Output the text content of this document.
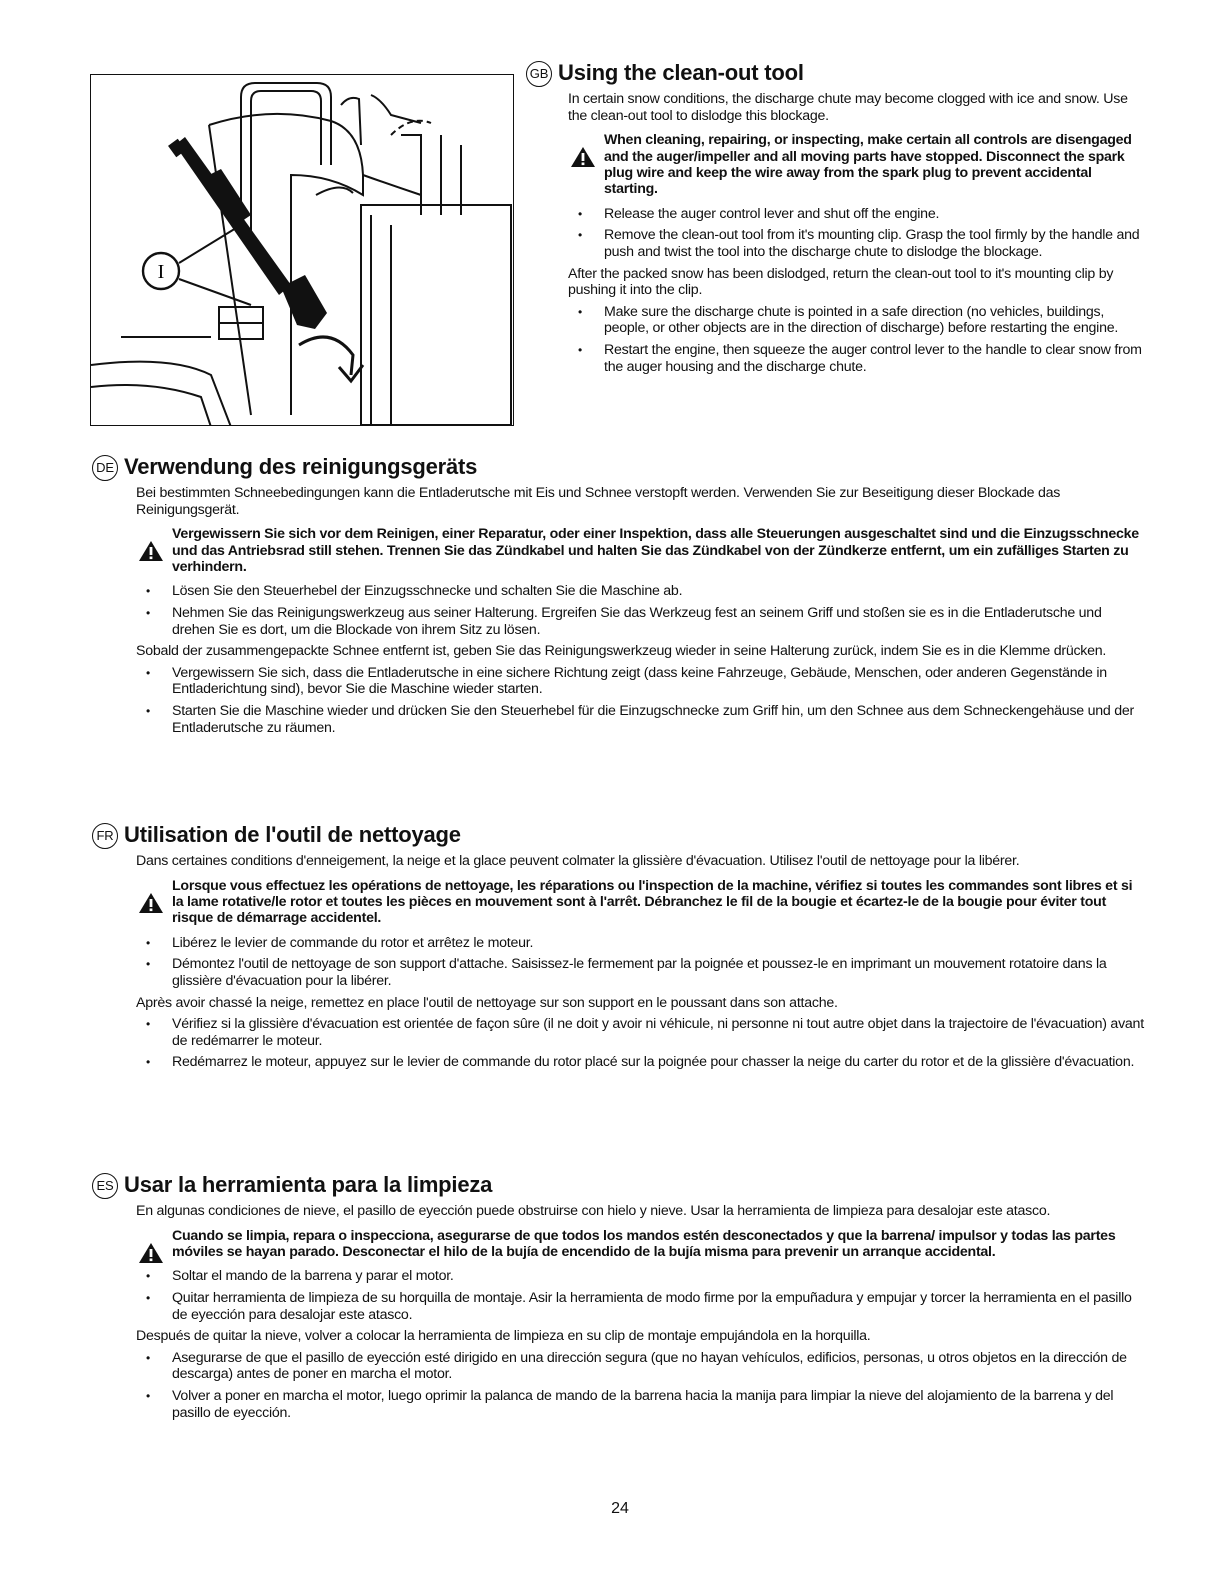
I
GB Using the clean-out tool

In certain snow conditions, the discharge chute may become clogged with ice and snow. Use the clean-out tool to dislodge this blockage.

When cleaning, repairing, or inspecting, make certain all controls are disengaged and the auger/impeller and all moving parts have stopped. Disconnect the spark plug wire and keep the wire away from the spark plug to prevent accidental starting.

• Release the auger control lever and shut off the engine.
• Remove the clean-out tool from it's mounting clip. Grasp the tool firmly by the handle and push and twist the tool into the discharge chute to dislodge the blockage.

After the packed snow has been dislodged, return the clean-out tool to it's mounting clip by pushing it into the clip.

• Make sure the discharge chute is pointed in a safe direction (no vehicles, buildings, people, or other objects are in the direction of discharge) before restarting the engine.
• Restart the engine, then squeeze the auger control lever to the handle to clear snow from the auger housing and the discharge chute.
DE Verwendung des reinigungsgeräts

Bei bestimmten Schneebedingungen kann die Entladerutsche mit Eis und Schnee verstopft werden. Verwenden Sie zur Beseitigung dieser Blockade das Reinigungsgerät.

Vergewissern Sie sich vor dem Reinigen, einer Reparatur, oder einer Inspektion, dass alle Steuerungen ausgeschaltet sind und die Einzugsschnecke und das Antriebsrad still stehen. Trennen Sie das Zündkabel und halten Sie das Zündkabel von der Zündkerze entfernt, um ein zufälliges Starten zu verhindern.

• Lösen Sie den Steuerhebel der Einzugsschnecke und schalten Sie die Maschine ab.
• Nehmen Sie das Reinigungswerkzeug aus seiner Halterung. Ergreifen Sie das Werkzeug fest an seinem Griff und stoßen sie es in die Entladerutsche und drehen Sie es dort, um die Blockade von ihrem Sitz zu lösen.

Sobald der zusammengepackte Schnee entfernt ist, geben Sie das Reinigungswerkzeug wieder in seine Halterung zurück, indem Sie es in die Klemme drücken.

• Vergewissern Sie sich, dass die Entladerutsche in eine sichere Richtung zeigt (dass keine Fahrzeuge, Gebäude, Menschen, oder anderen Gegenstände in Entladerichtung sind), bevor Sie die Maschine wieder starten.
• Starten Sie die Maschine wieder und drücken Sie den Steuerhebel für die Einzugschnecke zum Griff hin, um den Schnee aus dem Schneckengehäuse und der Entladerutsche zu räumen.
FR Utilisation de l'outil de nettoyage

Dans certaines conditions d'enneigement, la neige et la glace peuvent colmater la glissière d'évacuation. Utilisez l'outil de nettoyage pour la libérer.

Lorsque vous effectuez les opérations de nettoyage, les réparations ou l'inspection de la machine, vérifiez si toutes les commandes sont libres et si la lame rotative/le rotor et toutes les pièces en mouvement sont à l'arrêt. Débranchez le fil de la bougie et écartez-le de la bougie pour éviter tout risque de démarrage accidentel.

• Libérez le levier de commande du rotor et arrêtez le moteur.
• Démontez l'outil de nettoyage de son support d'attache. Saisissez-le fermement par la poignée et poussez-le en imprimant un mouvement rotatoire dans la glissière d'évacuation pour la libérer.

Après avoir chassé la neige, remettez en place l'outil de nettoyage sur son support en le poussant dans son attache.

• Vérifiez si la glissière d'évacuation est orientée de façon sûre (il ne doit y avoir ni véhicule, ni personne ni tout autre objet dans la trajectoire de l'évacuation) avant de redémarrer le moteur.
• Redémarrez le moteur, appuyez sur le levier de commande du rotor placé sur la poignée pour chasser la neige du carter du rotor et de la glissière d'évacuation.
ES Usar la herramienta para la limpieza

En algunas condiciones de nieve, el pasillo de eyección puede obstruirse con hielo y nieve. Usar la herramienta de limpieza para desalojar este atasco.

Cuando se limpia, repara o inspecciona, asegurarse de que todos los mandos estén desconectados y que la barrena/ impulsor y todas las partes móviles se hayan parado. Desconectar el hilo de la bujía de encendido de la bujía misma para prevenir un arranque accidental.

• Soltar el mando de la barrena y parar el motor.
• Quitar herramienta de limpieza de su horquilla de montaje. Asir la herramienta de modo firme por la empuñadura y empujar y torcer la herramienta en el pasillo de eyección para desalojar este atasco.

Después de quitar la nieve, volver a colocar la herramienta de limpieza en su clip de montaje empujándola en la horquilla.

• Asegurarse de que el pasillo de eyección esté dirigido en una dirección segura (que no hayan vehículos, edificios, personas, u otros objetos en la dirección de descarga) antes de poner en marcha el motor.
• Volver a poner en marcha el motor, luego oprimir la palanca de mando de la barrena hacia la manija para limpiar la nieve del alojamiento de la barrena y del pasillo de eyección.
24
